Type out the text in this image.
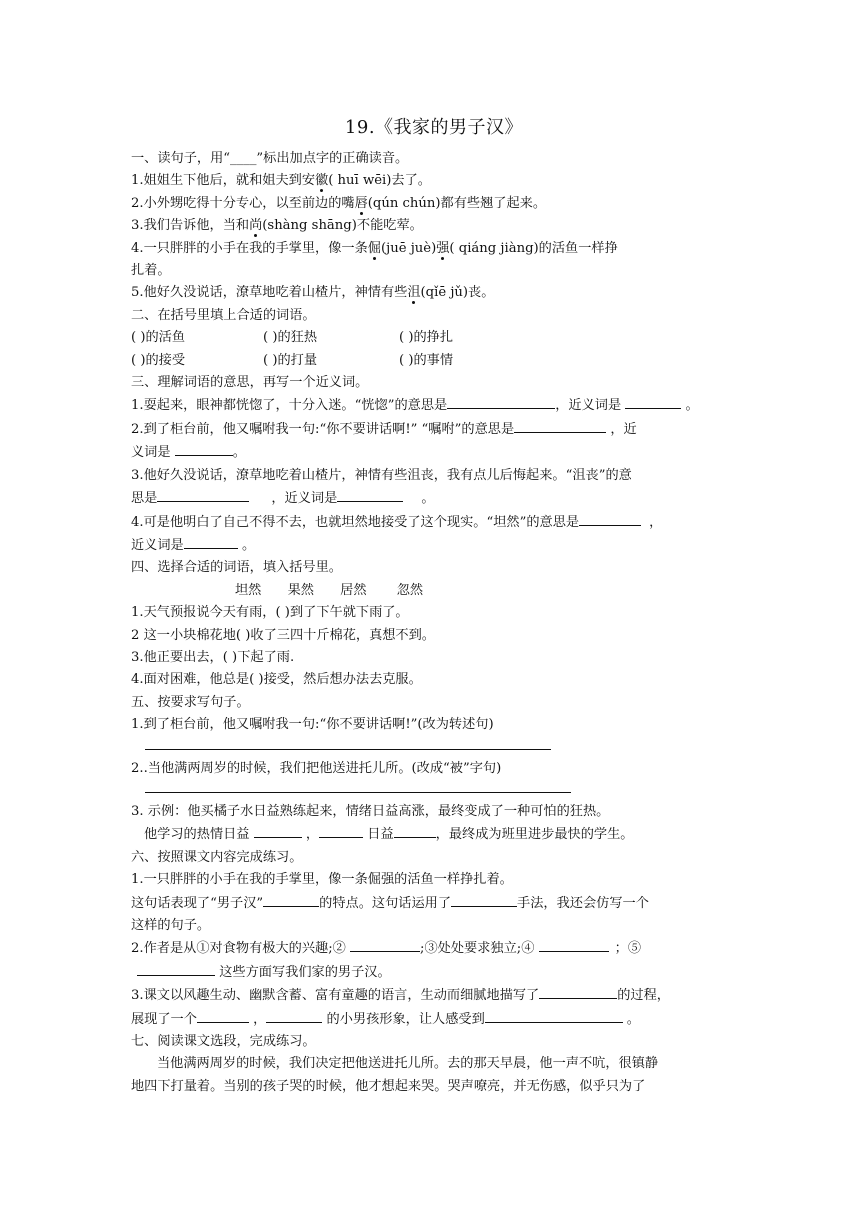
19.《我家的男子汉》
一、读句子，用“____”标出加点字的正确读音。
1.姐姐生下他后，就和姐夫到安徽( huī wēi)去了。
2.小外甥吃得十分专心，以至前边的嘴唇(qún chún)都有些翘了起来。
3.我们告诉他，当和尚(shàng shāng)不能吃荤。
4.一只胖胖的小手在我的手掌里，像一条倔(juē juè)强( qiáng jiàng)的活鱼一样挣
扎着。
5.他好久没说话，潦草地吃着山楂片，神情有些沮(qǐē jǔ)丧。
二、在括号里填上合适的词语。
( )的活鱼	( )的狂热	( )的挣扎
( )的接受	( )的打量	( )的事情
三、理解词语的意思，再写一个近义词。
1.耍起来，眼神都恍惚了，十分入迷。“恍惚”的意思是	，近义词是	。
2.到了柜台前，他又嘱咐我一句:“你不要讲话啊!” “嘱咐”的意思是	，近
义词是	。
3.他好久没说话，潦草地吃着山楂片，神情有些沮丧，我有点儿后悔起来。“沮丧”的意
思是	，近义词是	。
4.可是他明白了自己不得不去，也就坦然地接受了这个现实。“坦然”的意思是	，
近义词是	。
四、选择合适的词语，填入括号里。
坦然 果然 居然 忽然
1.天气预报说今天有雨，( )到了下午就下雨了。
2 这一小块棉花地( )收了三四十斤棉花，真想不到。
3.他正要出去，( )下起了雨.
4.面对困难，他总是( )接受，然后想办法去克服。
五、按要求写句子。
1.到了柜台前，他又嘱咐我一句:“你不要讲话啊!”(改为转述句)
2..当他满两周岁的时候，我们把他送进托儿所。(改成“被”字句)
3. 示例：他买橘子水日益熟练起来，情绪日益高涨，最终变成了一种可怕的狂热。
他学习的热情日益	，	日益	，最终成为班里进步最快的学生。
六、按照课文内容完成练习。
1.一只胖胖的小手在我的手掌里，像一条倔强的活鱼一样挣扎着。
这句话表现了“男子汉”	的特点。这句话运用了	手法，我还会仿写一个
这样的句子。
2.作者是从①对食物有极大的兴趣;②	;③处处要求独立;④	；⑤
这些方面写我们家的男子汉。
3.课文以风趣生动、幽默含蓄、富有童趣的语言，生动而细腻地描写了	的过程，
展现了一个	，	的小男孩形象，让人感受到	。
七、阅读课文选段，完成练习。
当他满两周岁的时候，我们决定把他送进托儿所。去的那天早晨，他一声不吭，很镇静
地四下打量着。当别的孩子哭的时候，他才想起来哭。哭声嘹亮，并无伤感，似乎只为了
